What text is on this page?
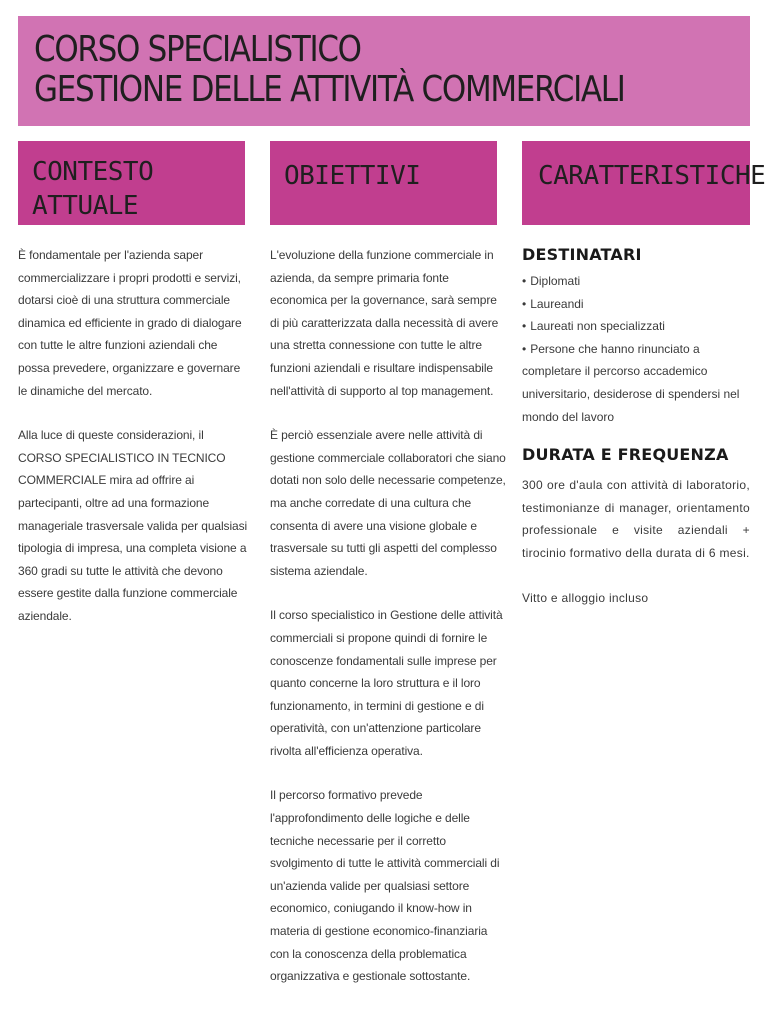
CORSO SPECIALISTICO
GESTIONE DELLE ATTIVITÀ COMMERCIALI
CONTESTO ATTUALE
OBIETTIVI	CARATTERISTICHE

È fondamentale per l'azienda saper commercializzare i propri prodotti e servizi, dotarsi cioè di una struttura commerciale dinamica ed efficiente in grado di dialogare con tutte le altre funzioni aziendali che possa prevedere, organizzare e governare le dinamiche del mercato.

Alla luce di queste considerazioni, il CORSO SPECIALISTICO IN TECNICO COMMERCIALE mira ad offrire ai partecipanti, oltre ad una formazione manageriale trasversale valida per qualsiasi tipologia di impresa, una completa visione a 360 gradi su tutte le attività che devono essere gestite dalla funzione commerciale aziendale.

L'evoluzione della funzione commerciale in azienda, da sempre primaria fonte economica per la governance, sarà sempre di più caratterizzata dalla necessità di avere una stretta connessione con tutte le altre funzioni aziendali e risultare indispensabile nell'attività di supporto al top management.

È perciò essenziale avere nelle attività di gestione commerciale collaboratori che siano dotati non solo delle necessarie competenze, ma anche corredate di una cultura che consenta di avere una visione globale e trasversale su tutti gli aspetti del complesso sistema aziendale.

Il corso specialistico in Gestione delle attività commerciali si propone quindi di fornire le conoscenze fondamentali sulle imprese per quanto concerne la loro struttura e il loro funzionamento, in termini di gestione e di operatività, con un'attenzione particolare rivolta all'efficienza operativa.

Il percorso formativo prevede l'approfondimento delle logiche e delle tecniche necessarie per il corretto svolgimento di tutte le attività commerciali di un'azienda valide per qualsiasi settore economico, coniugando il know-how in materia di gestione economico-finanziaria con la conoscenza della problematica organizzativa e gestionale sottostante.

DESTINATARI
• Diplomati
• Laureandi
• Laureati non specializzati
• Persone che hanno rinunciato a
completare il percorso accademico universitario, desiderose di spendersi nel mondo del lavoro
DURATA E FREQUENZA

300 ore d'aula con attività di laboratorio, testimonianze di manager, orientamento professionale e visite aziendali + tirocinio formativo della durata di 6 mesi.

Vitto e alloggio incluso
